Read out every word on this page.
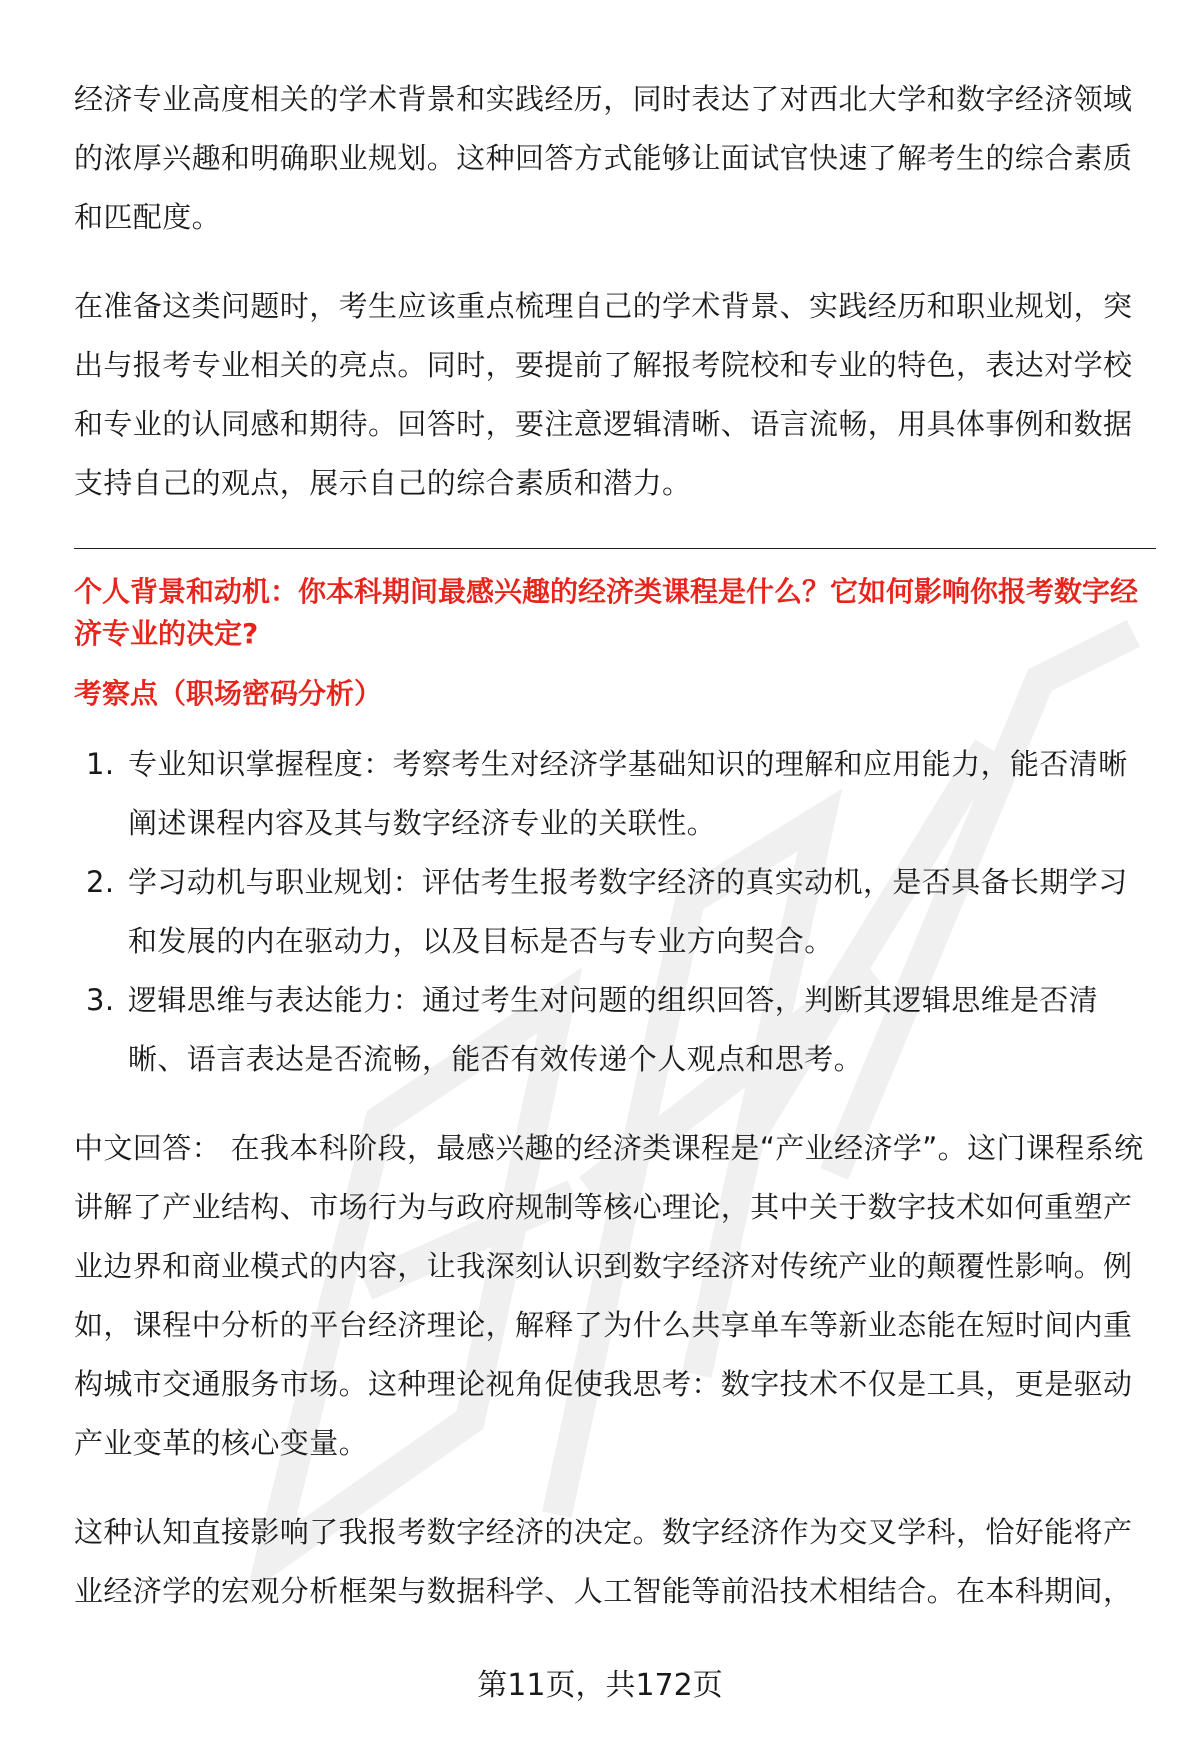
经济专业高度相关的学术背景和实践经历，同时表达了对西北大学和数字经济领域的浓厚兴趣和明确职业规划。这种回答方式能够让面试官快速了解考生的综合素质和匹配度。

在准备这类问题时，考生应该重点梳理自己的学术背景、实践经历和职业规划，突出与报考专业相关的亮点。同时，要提前了解报考院校和专业的特色，表达对学校和专业的认同感和期待。回答时，要注意逻辑清晰、语言流畅，用具体事例和数据支持自己的观点，展示自己的综合素质和潜力。

个人背景和动机：你本科期间最感兴趣的经济类课程是什么？它如何影响你报考数字经济专业的决定?

考察点（职场密码分析）

1. 专业知识掌握程度：考察考生对经济学基础知识的理解和应用能力，能否清晰阐述课程内容及其与数字经济专业的关联性。
2. 学习动机与职业规划：评估考生报考数字经济的真实动机，是否具备长期学习和发展的内在驱动力，以及目标是否与专业方向契合。
3. 逻辑思维与表达能力：通过考生对问题的组织回答，判断其逻辑思维是否清晰、语言表达是否流畅，能否有效传递个人观点和思考。

中文回答： 在我本科阶段，最感兴趣的经济类课程是“产业经济学”。这门课程系统讲解了产业结构、市场行为与政府规制等核心理论，其中关于数字技术如何重塑产业边界和商业模式的内容，让我深刻认识到数字经济对传统产业的颠覆性影响。例如，课程中分析的平台经济理论，解释了为什么共享单车等新业态能在短时间内重构城市交通服务市场。这种理论视角促使我思考：数字技术不仅是工具，更是驱动产业变革的核心变量。

这种认知直接影响了我报考数字经济的决定。数字经济作为交叉学科，恰好能将产业经济学的宏观分析框架与数据科学、人工智能等前沿技术相结合。在本科期间，

第11页，共172页
